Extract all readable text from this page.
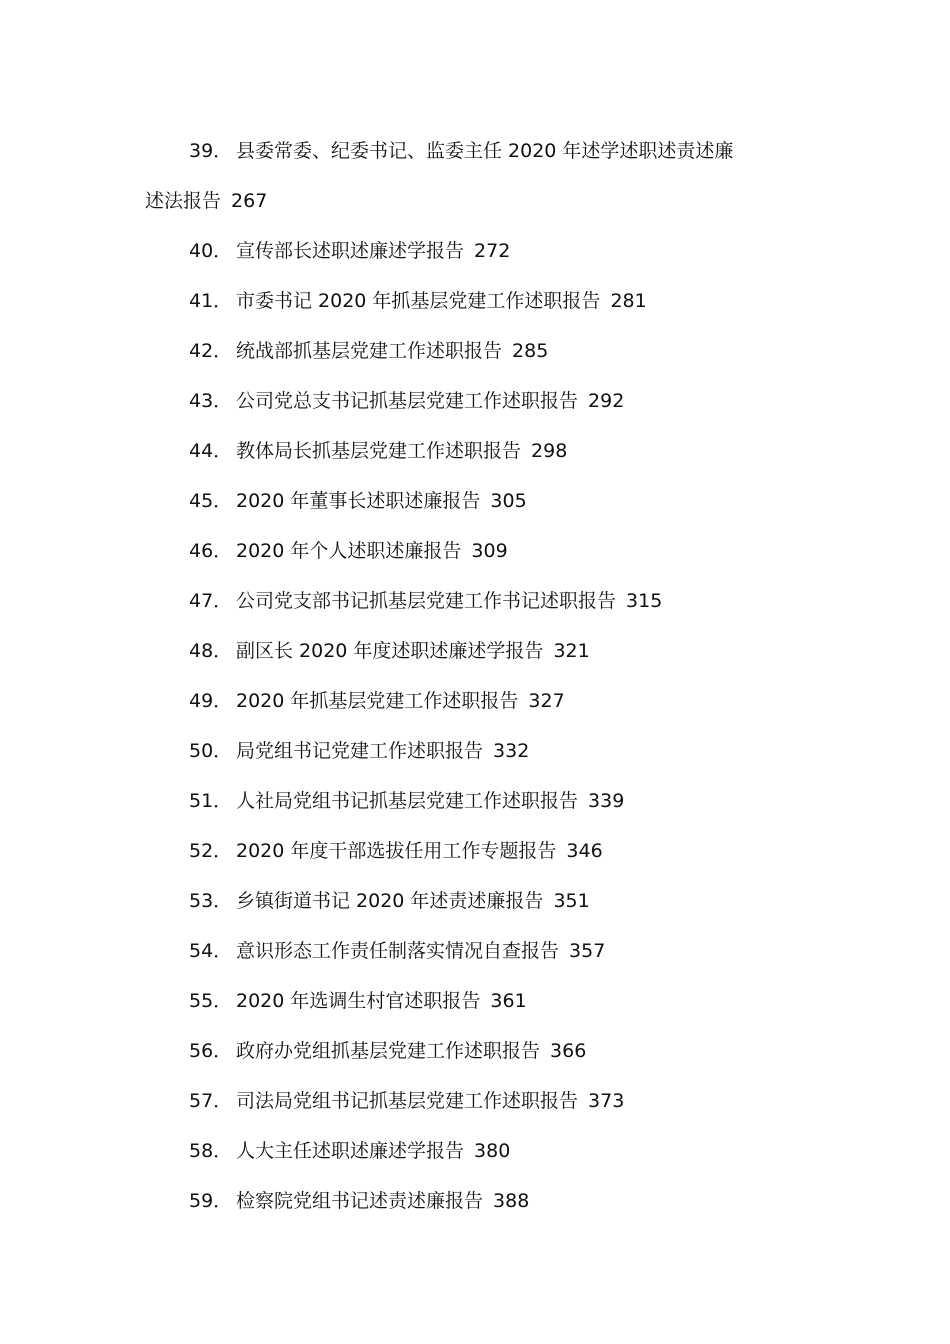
39． 县委常委、纪委书记、监委主任 2020 年述学述职述责述廉
述法报告 267
40． 宣传部长述职述廉述学报告 272
41． 市委书记 2020 年抓基层党建工作述职报告 281
42． 统战部抓基层党建工作述职报告 285
43． 公司党总支书记抓基层党建工作述职报告 292
44． 教体局长抓基层党建工作述职报告 298
45． 2020 年董事长述职述廉报告 305
46． 2020 年个人述职述廉报告 309
47． 公司党支部书记抓基层党建工作书记述职报告 315
48． 副区长 2020 年度述职述廉述学报告 321
49． 2020 年抓基层党建工作述职报告 327
50． 局党组书记党建工作述职报告 332
51． 人社局党组书记抓基层党建工作述职报告 339
52． 2020 年度干部选拔任用工作专题报告 346
53． 乡镇街道书记 2020 年述责述廉报告 351
54． 意识形态工作责任制落实情况自查报告 357
55． 2020 年选调生村官述职报告 361
56． 政府办党组抓基层党建工作述职报告 366
57． 司法局党组书记抓基层党建工作述职报告 373
58． 人大主任述职述廉述学报告 380
59． 检察院党组书记述责述廉报告 388
